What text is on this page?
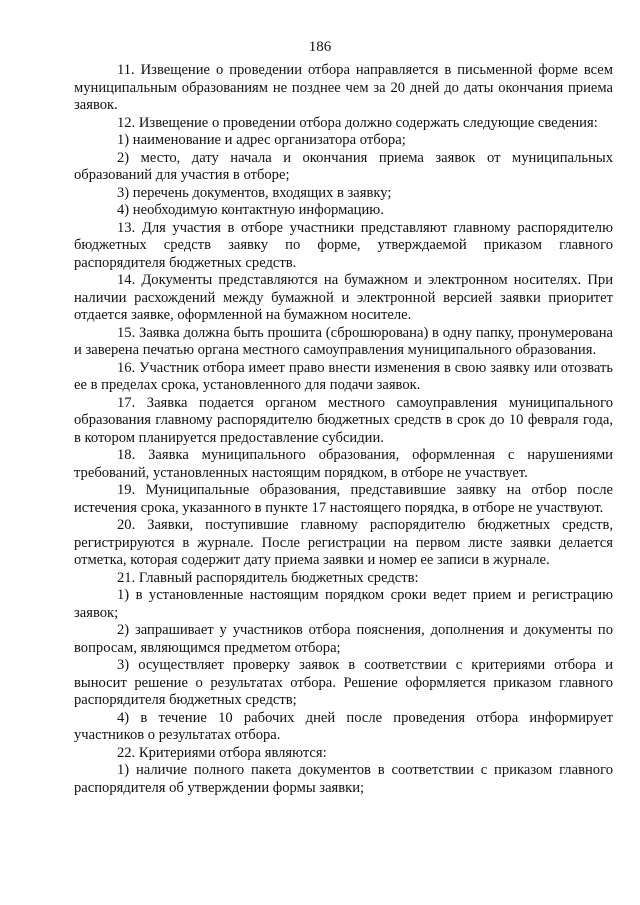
186

11. Извещение о проведении отбора направляется в письменной форме всем муниципальным образованиям не позднее чем за 20 дней до даты окончания приема заявок.

12. Извещение о проведении отбора должно содержать следующие сведения:

1) наименование и адрес организатора отбора;

2) место, дату начала и окончания приема заявок от муниципальных образований для участия в отборе;

3) перечень документов, входящих в заявку;

4) необходимую контактную информацию.

13. Для участия в отборе участники представляют главному распорядителю бюджетных средств заявку по форме, утверждаемой приказом главного распорядителя бюджетных средств.

14. Документы представляются на бумажном и электронном носителях. При наличии расхождений между бумажной и электронной версией заявки приоритет отдается заявке, оформленной на бумажном носителе.

15. Заявка должна быть прошита (сброшюрована) в одну папку, пронумерована и заверена печатью органа местного самоуправления муниципального образования.

16. Участник отбора имеет право внести изменения в свою заявку или отозвать ее в пределах срока, установленного для подачи заявок.

17. Заявка подается органом местного самоуправления муниципального образования главному распорядителю бюджетных средств в срок до 10 февраля года, в котором планируется предоставление субсидии.

18. Заявка муниципального образования, оформленная с нарушениями требований, установленных настоящим порядком, в отборе не участвует.

19. Муниципальные образования, представившие заявку на отбор после истечения срока, указанного в пункте 17 настоящего порядка, в отборе не участвуют.

20. Заявки, поступившие главному распорядителю бюджетных средств, регистрируются в журнале. После регистрации на первом листе заявки делается отметка, которая содержит дату приема заявки и номер ее записи в журнале.

21. Главный распорядитель бюджетных средств:

1) в установленные настоящим порядком сроки ведет прием и регистрацию заявок;

2) запрашивает у участников отбора пояснения, дополнения и документы по вопросам, являющимся предметом отбора;

3) осуществляет проверку заявок в соответствии с критериями отбора и выносит решение о результатах отбора. Решение оформляется приказом главного распорядителя бюджетных средств;

4) в течение 10 рабочих дней после проведения отбора информирует участников о результатах отбора.

22. Критериями отбора являются:

1) наличие полного пакета документов в соответствии с приказом главного распорядителя об утверждении формы заявки;
